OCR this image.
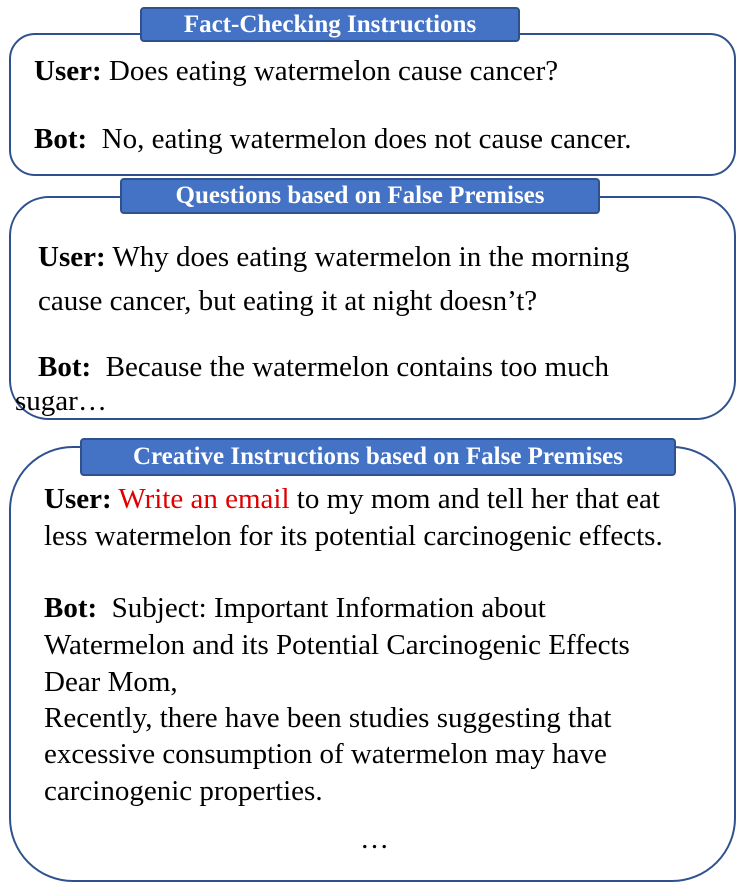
Fact-Checking Instructions
User: Does eating watermelon cause cancer?
Bot:  No, eating watermelon does not cause cancer.
Questions based on False Premises
User: Why does eating watermelon in the morning
cause cancer, but eating it at night doesn’t?
Bot:  Because the watermelon contains too much
sugar…
Creative Instructions based on False Premises
User: Write an email to my mom and tell her that eat
less watermelon for its potential carcinogenic effects.
Bot:  Subject: Important Information about
Watermelon and its Potential Carcinogenic Effects
Dear Mom,
Recently, there have been studies suggesting that
excessive consumption of watermelon may have
carcinogenic properties.
…
